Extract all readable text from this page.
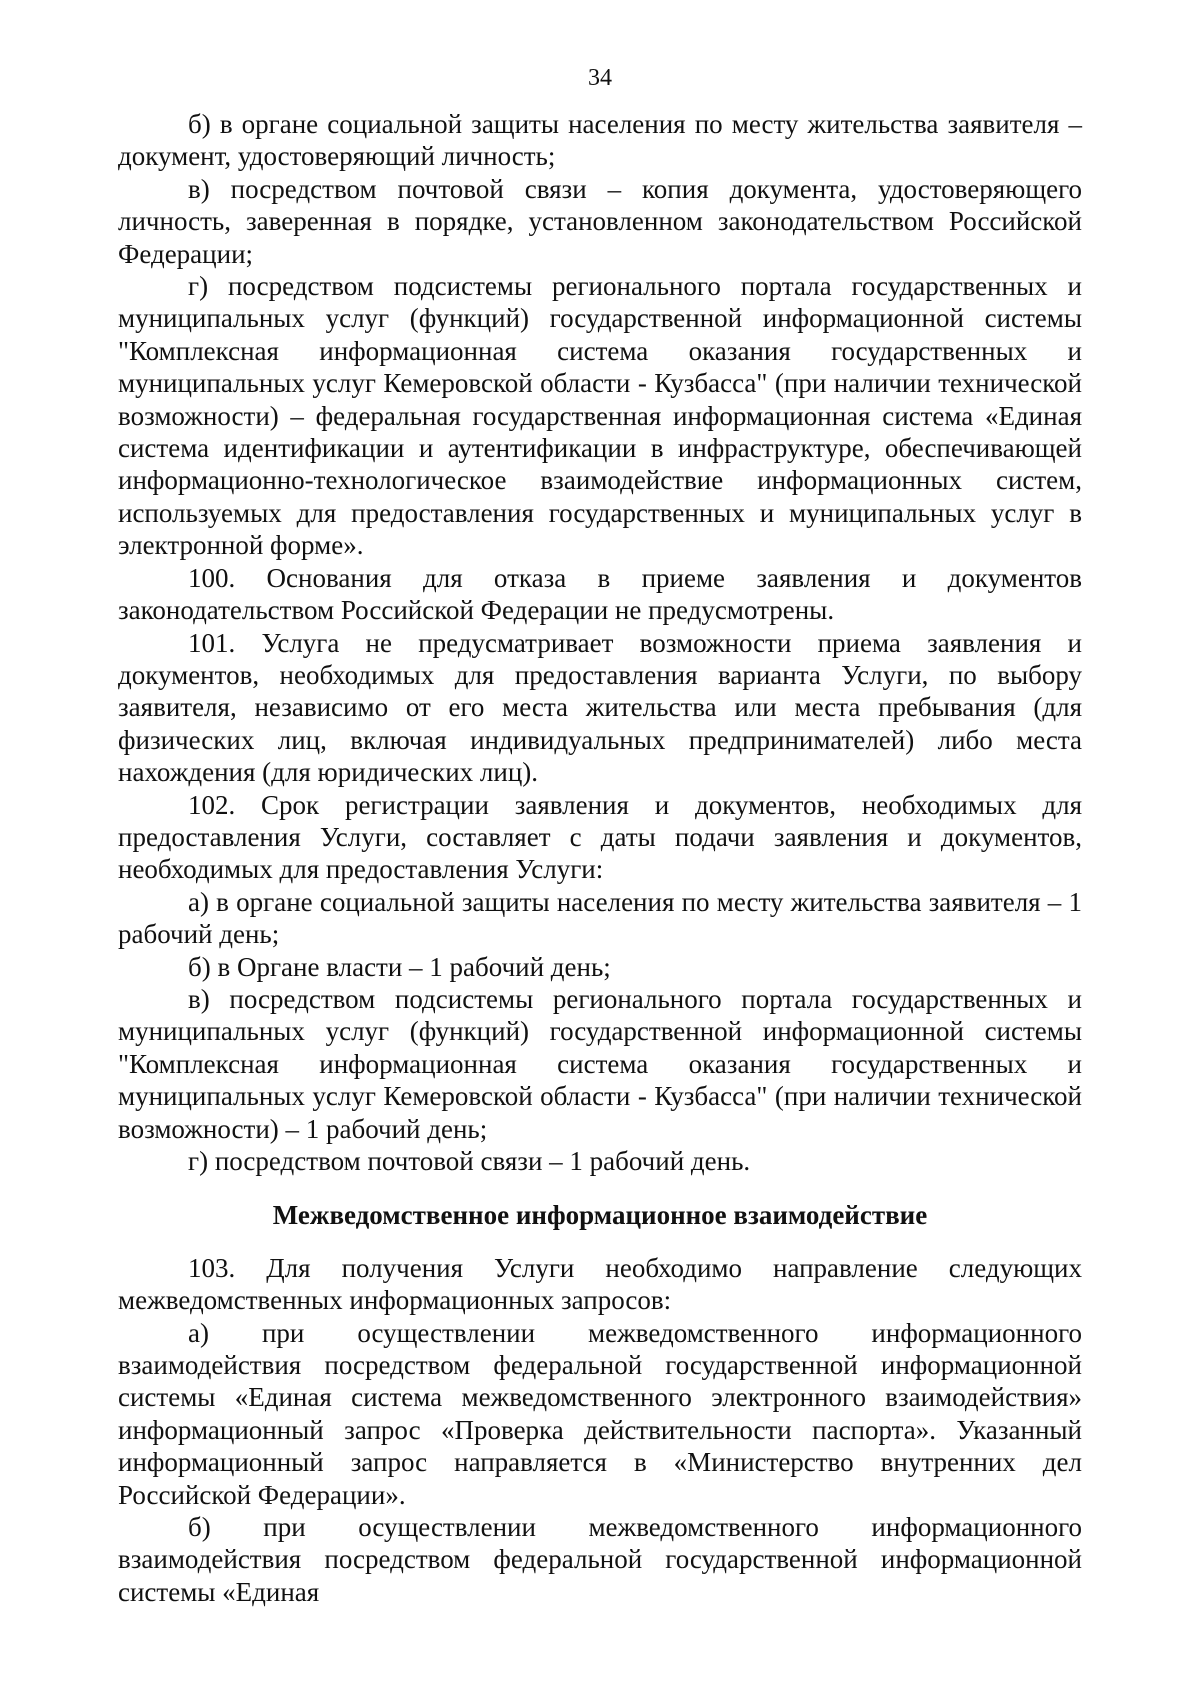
34

б) в органе социальной защиты населения по месту жительства заявителя – документ, удостоверяющий личность;

в) посредством почтовой связи – копия документа, удостоверяющего личность, заверенная в порядке, установленном законодательством Российской Федерации;

г) посредством подсистемы регионального портала государственных и муниципальных услуг (функций) государственной информационной системы "Комплексная информационная система оказания государственных и муниципальных услуг Кемеровской области - Кузбасса" (при наличии технической возможности) – федеральная государственная информационная система «Единая система идентификации и аутентификации в инфраструктуре, обеспечивающей информационно-технологическое взаимодействие информационных систем, используемых для предоставления государственных и муниципальных услуг в электронной форме».

100. Основания для отказа в приеме заявления и документов законодательством Российской Федерации не предусмотрены.

101. Услуга не предусматривает возможности приема заявления и документов, необходимых для предоставления варианта Услуги, по выбору заявителя, независимо от его места жительства или места пребывания (для физических лиц, включая индивидуальных предпринимателей) либо места нахождения (для юридических лиц).

102. Срок регистрации заявления и документов, необходимых для предоставления Услуги, составляет с даты подачи заявления и документов, необходимых для предоставления Услуги:

а) в органе социальной защиты населения по месту жительства заявителя – 1 рабочий день;

б) в Органе власти – 1 рабочий день;

в) посредством подсистемы регионального портала государственных и муниципальных услуг (функций) государственной информационной системы "Комплексная информационная система оказания государственных и муниципальных услуг Кемеровской области - Кузбасса" (при наличии технической возможности) – 1 рабочий день;

г) посредством почтовой связи – 1 рабочий день.

Межведомственное информационное взаимодействие

103. Для получения Услуги необходимо направление следующих межведомственных информационных запросов:

а) при осуществлении межведомственного информационного взаимодействия посредством федеральной государственной информационной системы «Единая система межведомственного электронного взаимодействия» информационный запрос «Проверка действительности паспорта». Указанный информационный запрос направляется в «Министерство внутренних дел Российской Федерации».

б) при осуществлении межведомственного информационного взаимодействия посредством федеральной государственной информационной системы «Единая
